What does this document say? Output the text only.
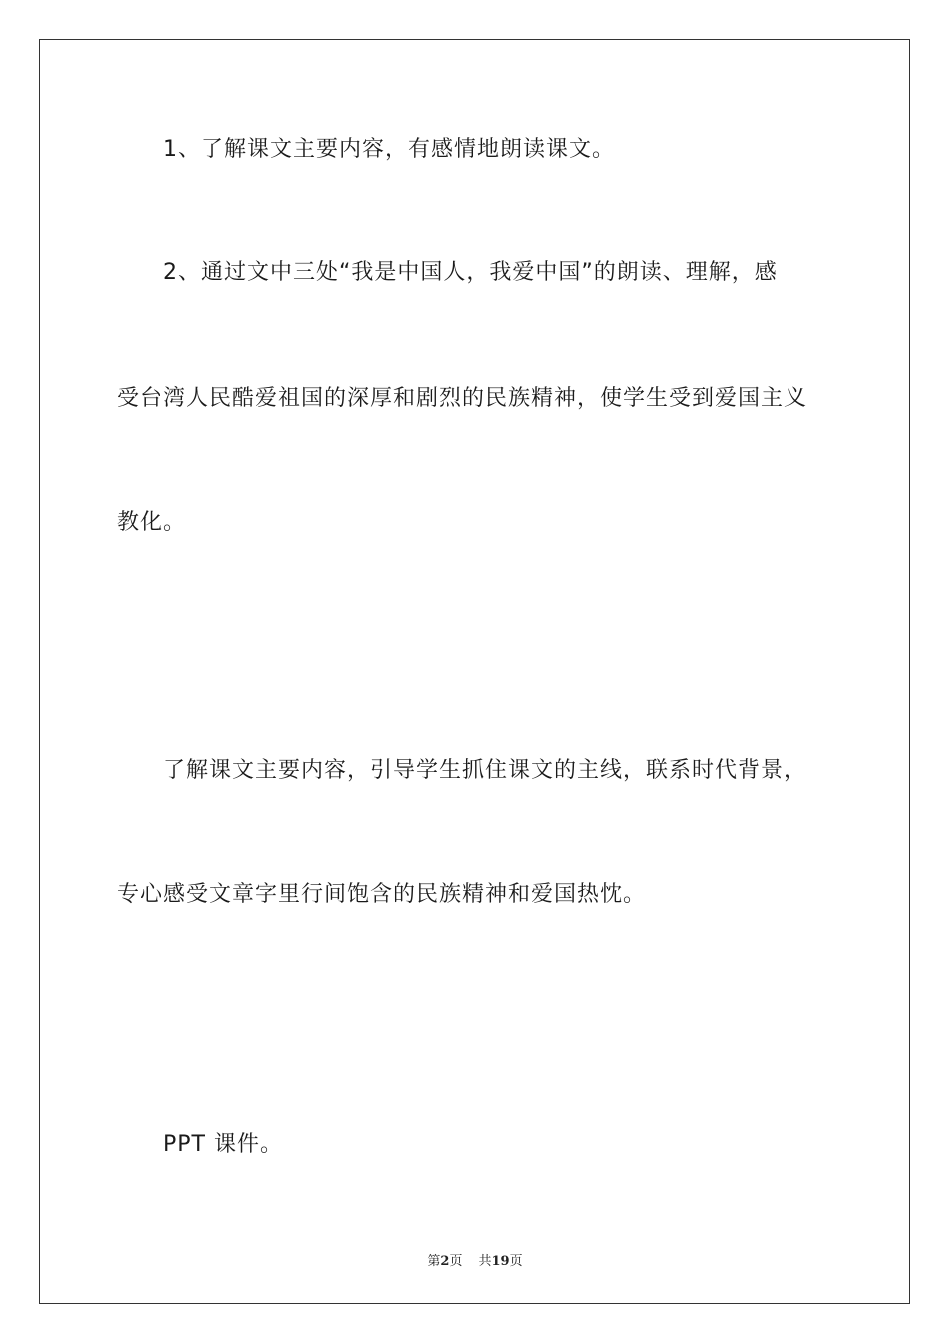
1、了解课文主要内容，有感情地朗读课文。
2、通过文中三处“我是中国人，我爱中国”的朗读、理解，感
受台湾人民酷爱祖国的深厚和剧烈的民族精神，使学生受到爱国主义
教化。
了解课文主要内容，引导学生抓住课文的主线，联系时代背景，
专心感受文章字里行间饱含的民族精神和爱国热忱。
PPT 课件。
第2页 共19页
